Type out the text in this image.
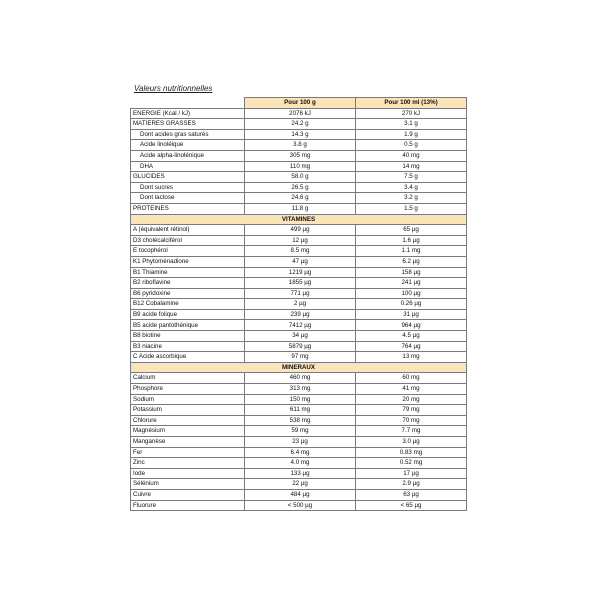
Valeurs nutritionnelles
	Pour 100 g	Pour 100 ml (13%)
ENERGIE (Kcal / kJ)	2076 kJ	270 kJ
MATIERES GRASSES	24.2 g	3.1 g
Dont acides gras saturés	14.3 g	1.9 g
Acide linoléique	3.8 g	0.5 g
Acide alpha-linolénique	305 mg	40 mg
DHA	110 mg	14 mg
GLUCIDES	58.0 g	7.5 g
Dont sucres	26.5 g	3.4 g
Dont lactose	24.6 g	3.2 g
PROTEINES	11.8 g	1.5 g
VITAMINES		
A (équivalent rétinol)	499 µg	65 µg
D3 cholécalciférol	12 µg	1.6 µg
E tocophérol	8.5 mg	1.1 mg
K1 Phytoménadione	47 µg	6.2 µg
B1 Thiamine	1219 µg	158 µg
B2 riboflavine	1855 µg	241 µg
B6 pyridoxine	771 µg	100 µg
B12 Cobalamine	2 µg	0.26 µg
B9 acide folique	239 µg	31 µg
B5 acide pantothénique	7412 µg	964 µg
B8 biotine	34 µg	4.5 µg
B3 niacine	5879 µg	764 µg
C Acide ascorbique	97 mg	13 mg
MINERAUX		
Calcium	460 mg	60 mg
Phosphore	313 mg	41 mg
Sodium	150 mg	20 mg
Potassium	611 mg	79 mg
Chlorure	538 mg	70 mg
Magnésium	59 mg	7.7 mg
Manganèse	23 µg	3.0 µg
Fer	6.4 mg	0.83 mg
Zinc	4.0 mg	0.52 mg
Iode	133 µg	17 µg
Sélénium	22 µg	2.9 µg
Cuivre	484 µg	63 µg
Fluorure	< 500 µg	< 65 µg
